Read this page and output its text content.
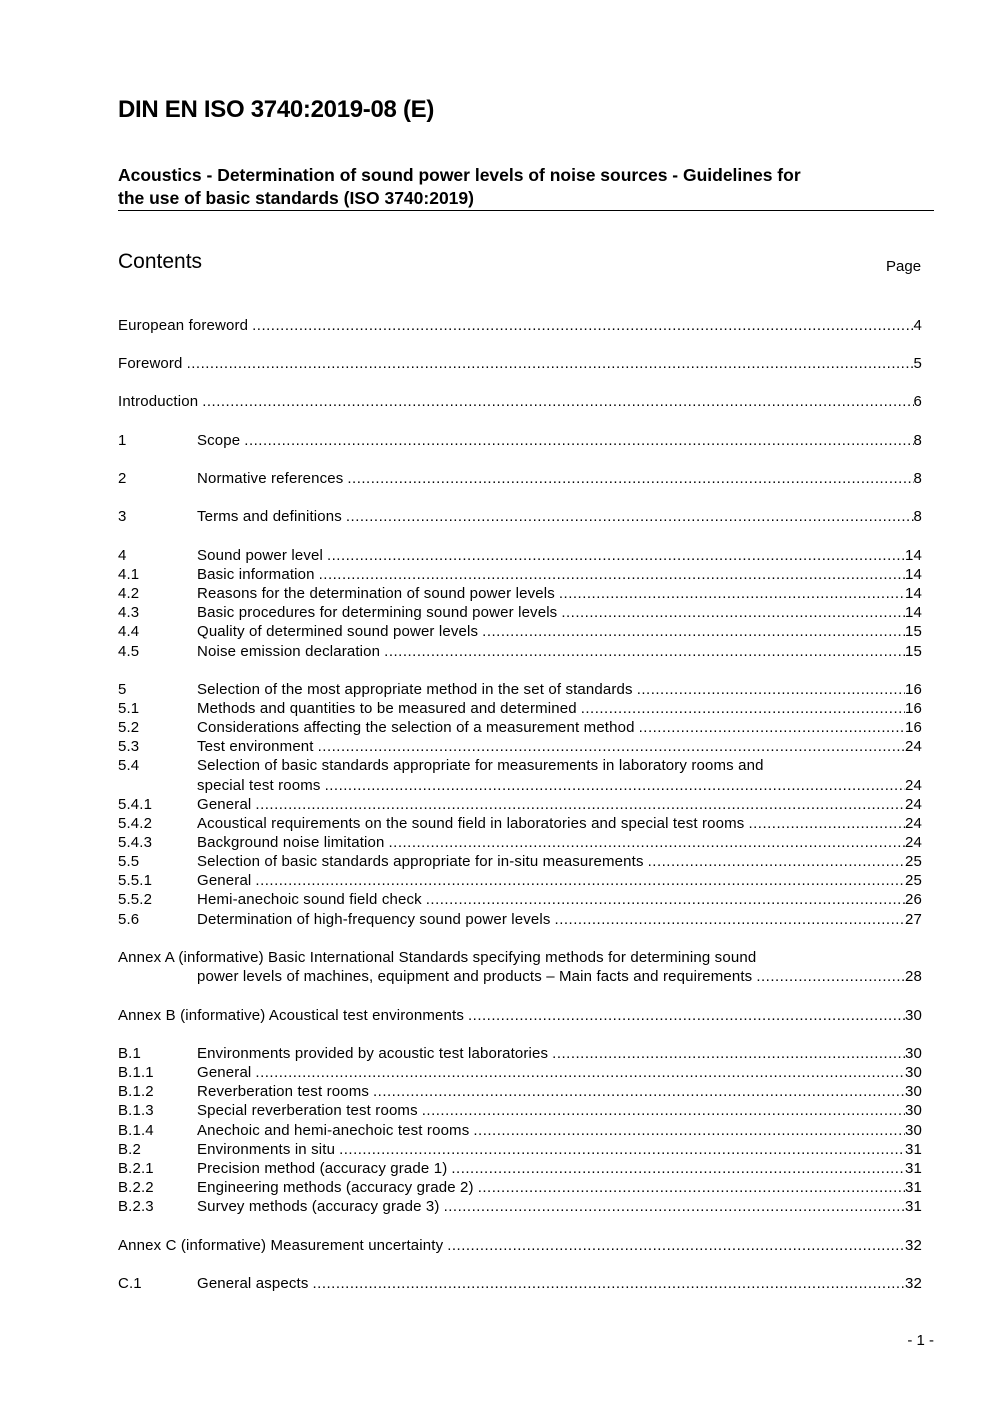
DIN EN ISO 3740:2019-08 (E)
Acoustics - Determination of sound power levels of noise sources - Guidelines for
the use of basic standards (ISO 3740:2019)
Contents	Page
European foreword .....	4
Foreword .....	5
Introduction .....	6
1	Scope .....	8
2	Normative references .....	8
3	Terms and definitions .....	8
4	Sound power level .....	14
4.1	Basic information .....	14
4.2	Reasons for the determination of sound power levels .....	14
4.3	Basic procedures for determining sound power levels .....	14
4.4	Quality of determined sound power levels .....	15
4.5	Noise emission declaration .....	15
5	Selection of the most appropriate method in the set of standards .....	16
5.1	Methods and quantities to be measured and determined .....	16
5.2	Considerations affecting the selection of a measurement method .....	16
5.3	Test environment .....	24
5.4	Selection of basic standards appropriate for measurements in laboratory rooms and
special test rooms .....	24
5.4.1	General .....	24
5.4.2	Acoustical requirements on the sound field in laboratories and special test rooms .....	24
5.4.3	Background noise limitation .....	24
5.5	Selection of basic standards appropriate for in-situ measurements .....	25
5.5.1	General .....	25
5.5.2	Hemi-anechoic sound field check .....	26
5.6	Determination of high-frequency sound power levels .....	27
Annex A (informative) Basic International Standards specifying methods for determining sound
power levels of machines, equipment and products – Main facts and requirements .....	28
Annex B (informative) Acoustical test environments .....	30
B.1	Environments provided by acoustic test laboratories .....	30
B.1.1	General .....	30
B.1.2	Reverberation test rooms .....	30
B.1.3	Special reverberation test rooms .....	30
B.1.4	Anechoic and hemi-anechoic test rooms .....	30
B.2	Environments in situ .....	31
B.2.1	Precision method (accuracy grade 1) .....	31
B.2.2	Engineering methods (accuracy grade 2) .....	31
B.2.3	Survey methods (accuracy grade 3) .....	31
Annex C (informative) Measurement uncertainty .....	32
C.1	General aspects .....	32
- 1 -
